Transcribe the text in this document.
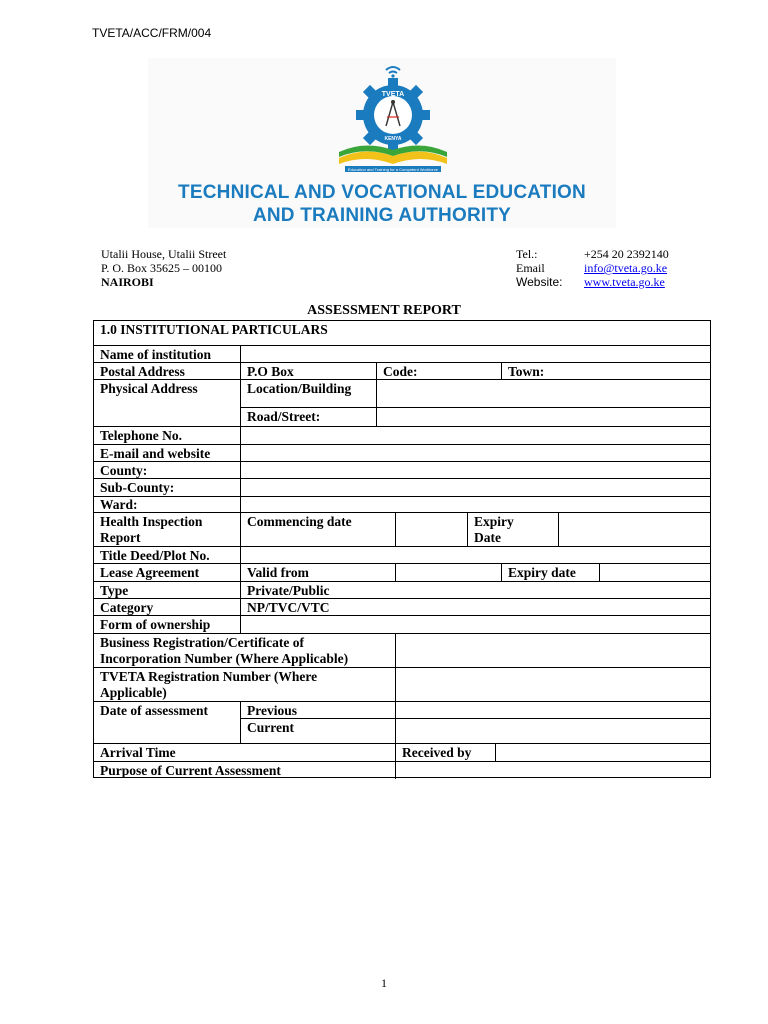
TVETA/ACC/FRM/004
TVETA
KENYA
Education and Training for a Competent Workforce
TECHNICAL AND VOCATIONAL EDUCATION
AND TRAINING AUTHORITY
Utalii House, Utalii Street
P. O. Box 35625 – 00100
NAIROBI
Tel.:	+254 20 2392140
Email	info@tveta.go.ke
Website:	www.tveta.go.ke
ASSESSMENT REPORT
1.0 INSTITUTIONAL PARTICULARS
Name of institution
Postal Address	P.O Box	Code:	Town:
Physical Address	Location/Building
Road/Street:
Telephone No.
E-mail and website
County:
Sub-County:
Ward:
Health Inspection
Report
Commencing date	Expiry
Date
Title Deed/Plot No.
Lease Agreement	Valid from	Expiry date
Type	Private/Public
Category	NP/TVC/VTC
Form of ownership
Business Registration/Certificate of
Incorporation Number (Where Applicable)
TVETA Registration Number (Where
Applicable)
Date of assessment	Previous
Current
Arrival Time	Received by
Purpose of Current Assessment
1
